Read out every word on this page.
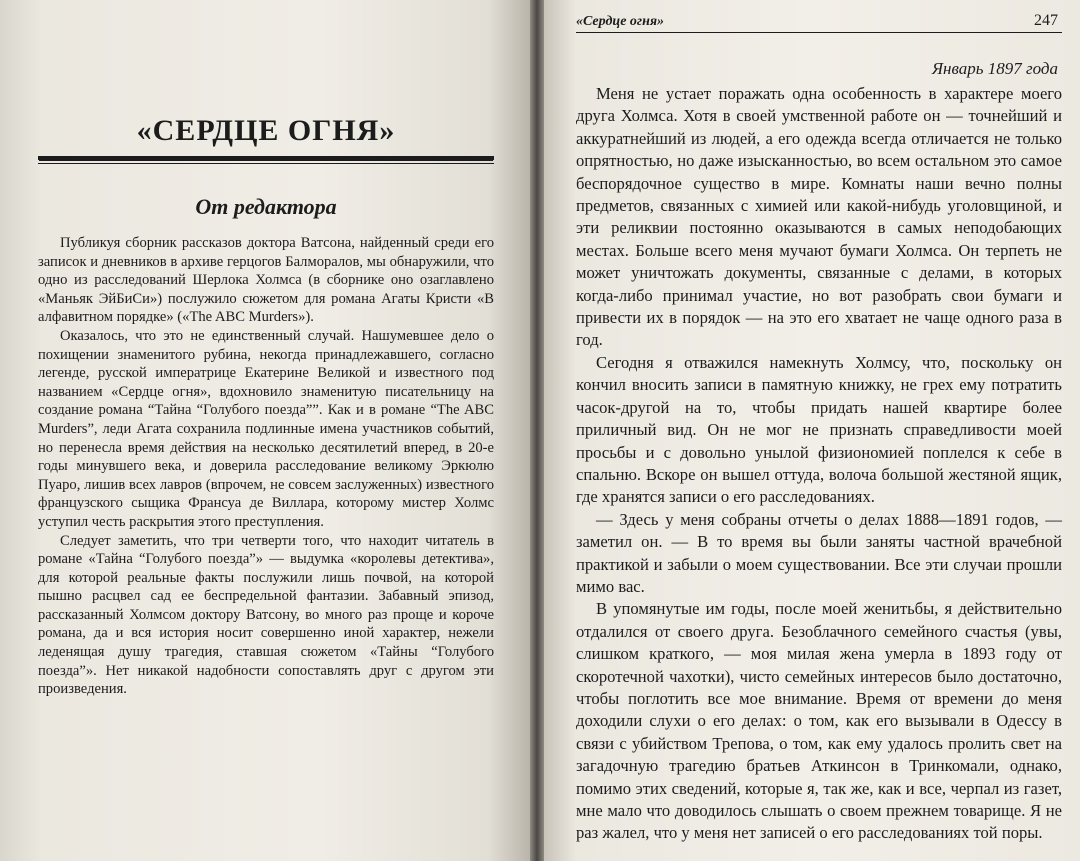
«СЕРДЦЕ ОГНЯ»
От редактора

Публикуя сборник рассказов доктора Ватсона, найденный среди его записок и дневников в архиве герцогов Балморалов, мы обнаружили, что одно из расследований Шерлока Холмса (в сборнике оно озаглавлено «Маньяк ЭйБиСи») послужило сюжетом для романа Агаты Кристи «В алфавитном порядке» («The ABC Murders»).

Оказалось, что это не единственный случай. Нашумевшее дело о похищении знаменитого рубина, некогда принадлежавшего, согласно легенде, русской императрице Екатерине Великой и известного под названием «Сердце огня», вдохновило знаменитую писательницу на создание романа “Тайна “Голубого поезда””. Как и в романе “The ABC Murders”, леди Агата сохранила подлинные имена участников событий, но перенесла время действия на несколько десятилетий вперед, в 20-е годы минувшего века, и доверила расследование великому Эркюлю Пуаро, лишив всех лавров (впрочем, не совсем заслуженных) известного французского сыщика Франсуа де Виллара, которому мистер Холмс уступил честь раскрытия этого преступления.

Следует заметить, что три четверти того, что находит читатель в романе «Тайна “Голубого поезда”» — выдумка «королевы детектива», для которой реальные факты послужили лишь почвой, на которой пышно расцвел сад ее беспредельной фантазии. Забавный эпизод, рассказанный Холмсом доктору Ватсону, во много раз проще и короче романа, да и вся история носит совершенно иной характер, нежели леденящая душу трагедия, ставшая сюжетом «Тайны “Голубого поезда”». Нет никакой надобности сопоставлять друг с другом эти произведения.

«Сердце огня»	247
Январь 1897 года

Меня не устает поражать одна особенность в характере моего друга Холмса. Хотя в своей умственной работе он — точнейший и аккуратнейший из людей, а его одежда всегда отличается не только опрятностью, но даже изысканностью, во всем остальном это самое беспорядочное существо в мире. Комнаты наши вечно полны предметов, связанных с химией или какой-нибудь уголовщиной, и эти реликвии постоянно оказываются в самых неподобающих местах. Больше всего меня мучают бумаги Холмса. Он терпеть не может уничтожать документы, связанные с делами, в которых когда-либо принимал участие, но вот разобрать свои бумаги и привести их в порядок — на это его хватает не чаще одного раза в год.

Сегодня я отважился намекнуть Холмсу, что, поскольку он кончил вносить записи в памятную книжку, не грех ему потратить часок-другой на то, чтобы придать нашей квартире более приличный вид. Он не мог не признать справедливости моей просьбы и с довольно унылой физиономией поплелся к себе в спальню. Вскоре он вышел оттуда, волоча большой жестяной ящик, где хранятся записи о его расследованиях.

— Здесь у меня собраны отчеты о делах 1888—1891 годов, — заметил он. — В то время вы были заняты частной врачебной практикой и забыли о моем существовании. Все эти случаи прошли мимо вас.

В упомянутые им годы, после моей женитьбы, я действительно отдалился от своего друга. Безоблачного семейного счастья (увы, слишком краткого, — моя милая жена умерла в 1893 году от скоротечной чахотки), чисто семейных интересов было достаточно, чтобы поглотить все мое внимание. Время от времени до меня доходили слухи о его делах: о том, как его вызывали в Одессу в связи с убийством Трепова, о том, как ему удалось пролить свет на загадочную трагедию братьев Аткинсон в Тринкомали, однако, помимо этих сведений, которые я, так же, как и все, черпал из газет, мне мало что доводилось слышать о своем прежнем товарище. Я не раз жалел, что у меня нет записей о его расследованиях той поры.
